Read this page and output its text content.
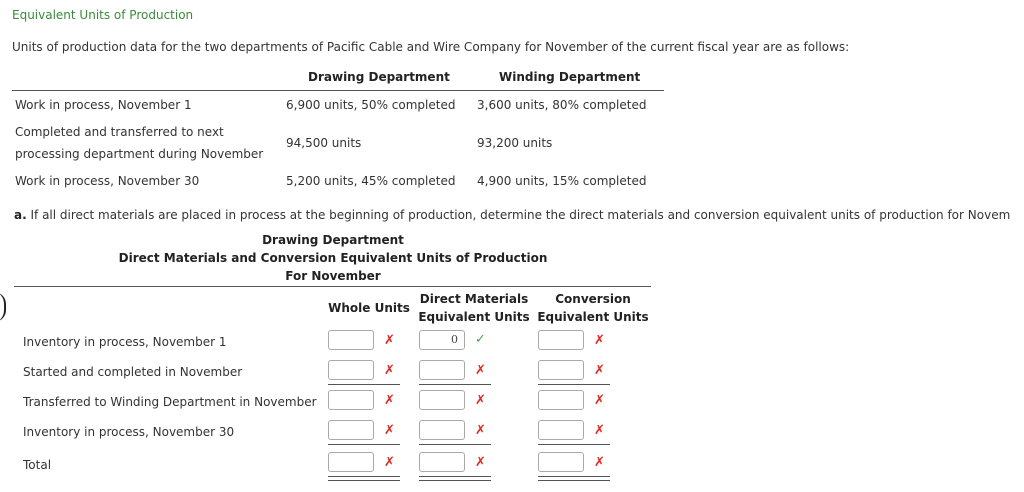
Equivalent Units of Production
Units of production data for the two departments of Pacific Cable and Wire Company for November of the current fiscal year are as follows:
Drawing Department	Winding Department
Work in process, November 1	6,900 units, 50% completed 3,600 units, 80% completed
Completed and transferred to next
processing department during November
94,500 units	93,200 units
Work in process, November 30	5,200 units, 45% completed 4,900 units, 15% completed
a. If all direct materials are placed in process at the beginning of production, determine the direct materials and conversion equivalent units of production for Novem
Drawing Department
Direct Materials and Conversion Equivalent Units of Production
For November
Whole Units
Direct Materials
Equivalent Units
Conversion
Equivalent Units
Inventory in process, November 1	✗	0	✓	✗
Started and completed in November	✗	✗	✗
Transferred to Winding Department in November	✗	✗	✗
Inventory in process, November 30	✗	✗	✗
Total	✗	✗	✗
